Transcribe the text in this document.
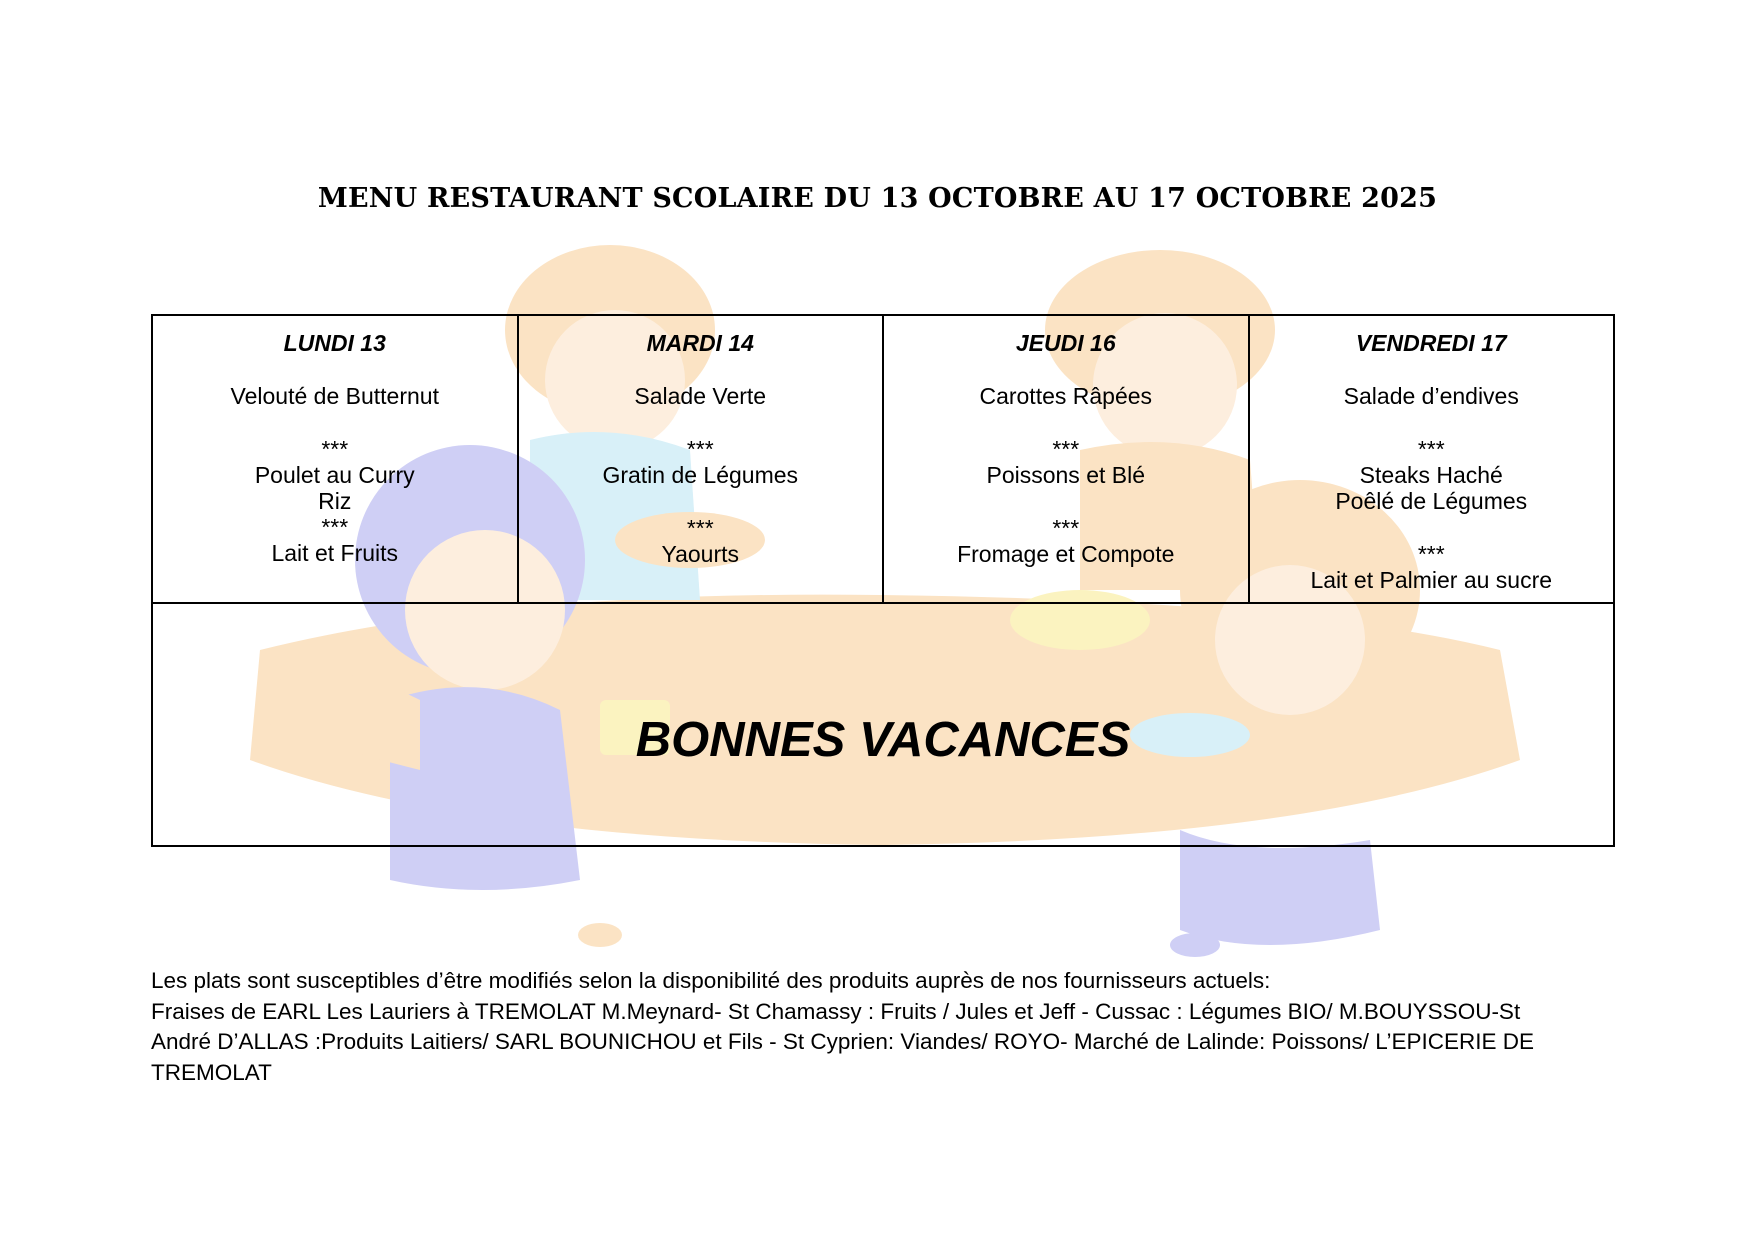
MENU RESTAURANT SCOLAIRE DU 13 OCTOBRE AU 17 OCTOBRE 2025
LUNDI 13
Velouté de Butternut
***
Poulet au Curry
Riz
***
Lait et Fruits

MARDI 14
Salade Verte
***
Gratin de Légumes
***
Yaourts

JEUDI 16
Carottes Râpées
***
Poissons et Blé
***
Fromage et Compote

VENDREDI 17
Salade d’endives
***
Steaks Haché
Poêlé de Légumes
***
Lait et Palmier au sucre

BONNES VACANCES
Les plats sont susceptibles d’être modifiés selon la disponibilité des produits auprès de nos fournisseurs actuels:
Fraises de EARL Les Lauriers à TREMOLAT M.Meynard- St Chamassy : Fruits / Jules et Jeff - Cussac : Légumes BIO/ M.BOUYSSOU-St
André D’ALLAS :Produits Laitiers/ SARL BOUNICHOU et Fils - St Cyprien: Viandes/ ROYO- Marché de Lalinde: Poissons/ L’EPICERIE DE
TREMOLAT
